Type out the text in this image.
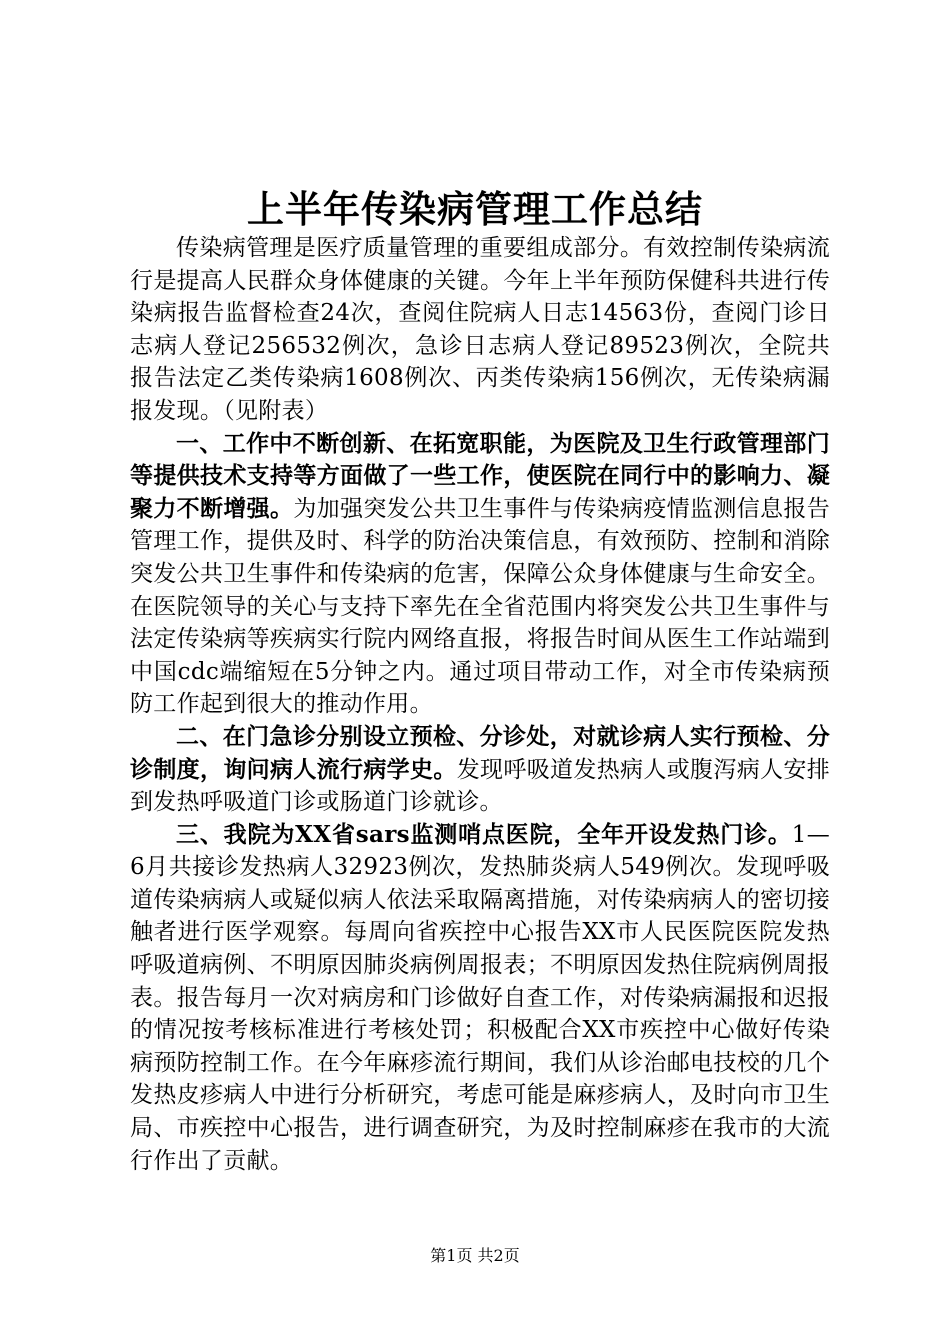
上半年传染病管理工作总结

传染病管理是医疗质量管理的重要组成部分。有效控制传染病流行是提高人民群众身体健康的关键。今年上半年预防保健科共进行传染病报告监督检查24次，查阅住院病人日志14563份，查阅门诊日志病人登记256532例次，急诊日志病人登记89523例次，全院共报告法定乙类传染病1608例次、丙类传染病156例次，无传染病漏报发现。（见附表）

一、工作中不断创新、在拓宽职能，为医院及卫生行政管理部门等提供技术支持等方面做了一些工作，使医院在同行中的影响力、凝聚力不断增强。为加强突发公共卫生事件与传染病疫情监测信息报告管理工作，提供及时、科学的防治决策信息，有效预防、控制和消除突发公共卫生事件和传染病的危害，保障公众身体健康与生命安全。在医院领导的关心与支持下率先在全省范围内将突发公共卫生事件与法定传染病等疾病实行院内网络直报，将报告时间从医生工作站端到中国cdc端缩短在5分钟之内。通过项目带动工作，对全市传染病预防工作起到很大的推动作用。

二、在门急诊分别设立预检、分诊处，对就诊病人实行预检、分诊制度，询问病人流行病学史。发现呼吸道发热病人或腹泻病人安排到发热呼吸道门诊或肠道门诊就诊。

三、我院为XX省sars监测哨点医院，全年开设发热门诊。1—6月共接诊发热病人32923例次，发热肺炎病人549例次。发现呼吸道传染病病人或疑似病人依法采取隔离措施，对传染病病人的密切接触者进行医学观察。每周向省疾控中心报告XX市人民医院医院发热呼吸道病例、不明原因肺炎病例周报表；不明原因发热住院病例周报表。报告每月一次对病房和门诊做好自查工作，对传染病漏报和迟报的情况按考核标准进行考核处罚；积极配合XX市疾控中心做好传染病预防控制工作。在今年麻疹流行期间，我们从诊治邮电技校的几个发热皮疹病人中进行分析研究，考虑可能是麻疹病人，及时向市卫生局、市疾控中心报告，进行调查研究，为及时控制麻疹在我市的大流行作出了贡献。

第1页 共2页
